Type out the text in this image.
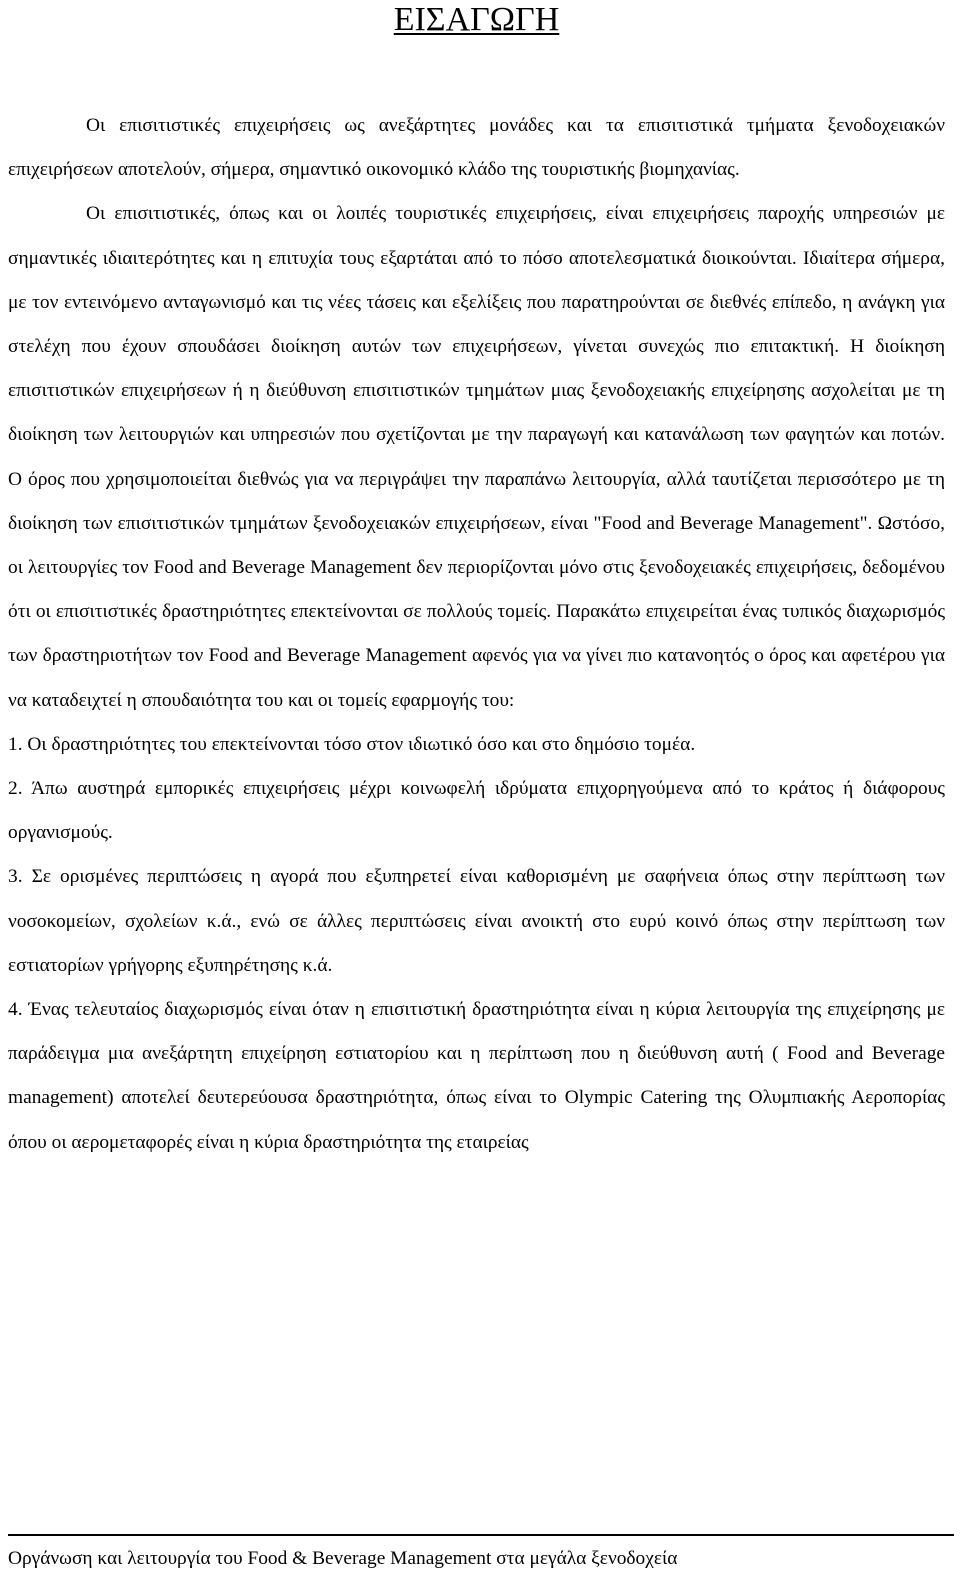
ΕΙΣΑΓΩΓΗ

Οι επισιτιστικές επιχειρήσεις ως ανεξάρτητες μονάδες και τα επισιτιστικά τμήματα ξενοδοχειακών επιχειρήσεων αποτελούν, σήμερα, σημαντικό οικονομικό κλάδο της τουριστικής βιομηχανίας.

Οι επισιτιστικές, όπως και οι λοιπές τουριστικές επιχειρήσεις, είναι επιχειρήσεις παροχής υπηρεσιών με σημαντικές ιδιαιτερότητες και η επιτυχία τους εξαρτάται από το πόσο αποτελεσματικά διοικούνται. Ιδιαίτερα σήμερα, με τον εντεινόμενο ανταγωνισμό και τις νέες τάσεις και εξελίξεις που παρατηρούνται σε διεθνές επίπεδο, η ανάγκη για στελέχη που έχουν σπουδάσει διοίκηση αυτών των επιχειρήσεων, γίνεται συνεχώς πιο επιτακτική. Η διοίκηση επισιτιστικών επιχειρήσεων ή η διεύθυνση επισιτιστικών τμημάτων μιας ξενοδοχειακής επιχείρησης ασχολείται με τη διοίκηση των λειτουργιών και υπηρεσιών που σχετίζονται με την παραγωγή και κατανάλωση των φαγητών και ποτών. Ο όρος που χρησιμοποιείται διεθνώς για να περιγράψει την παραπάνω λειτουργία, αλλά ταυτίζεται περισσότερο με τη διοίκηση των επισιτιστικών τμημάτων ξενοδοχειακών επιχειρήσεων, είναι "Food and Beverage Management". Ωστόσο, οι λειτουργίες τον Food and Beverage Management δεν περιορίζονται μόνο στις ξενοδοχειακές επιχειρήσεις, δεδομένου ότι οι επισιτιστικές δραστηριότητες επεκτείνονται σε πολλούς τομείς. Παρακάτω επιχειρείται ένας τυπικός διαχωρισμός των δραστηριοτήτων τον Food and Beverage Management αφενός για να γίνει πιο κατανοητός ο όρος και αφετέρου για να καταδειχτεί η σπουδαιότητα του και οι τομείς εφαρμογής του:

1. Οι δραστηριότητες του επεκτείνονται τόσο στον ιδιωτικό όσο και στο δημόσιο τομέα.

2. Άπω αυστηρά εμπορικές επιχειρήσεις μέχρι κοινωφελή ιδρύματα επιχορηγούμενα από το κράτος ή διάφορους οργανισμούς.

3. Σε ορισμένες περιπτώσεις η αγορά που εξυπηρετεί είναι καθορισμένη με σαφήνεια όπως στην περίπτωση των νοσοκομείων, σχολείων κ.ά., ενώ σε άλλες περιπτώσεις είναι ανοικτή στο ευρύ κοινό όπως στην περίπτωση των εστιατορίων γρήγορης εξυπηρέτησης κ.ά.

4. Ένας τελευταίος διαχωρισμός είναι όταν η επισιτιστική δραστηριότητα είναι η κύρια λειτουργία της επιχείρησης με παράδειγμα μια ανεξάρτητη επιχείρηση εστιατορίου και η περίπτωση που η διεύθυνση αυτή ( Food and Beverage management) αποτελεί δευτερεύουσα δραστηριότητα, όπως είναι το Olympic Catering της Ολυμπιακής Αεροπορίας όπου οι αερομεταφορές είναι η κύρια δραστηριότητα της εταιρείας

Οργάνωση και λειτουργία του Food & Beverage Management στα μεγάλα ξενοδοχεία
